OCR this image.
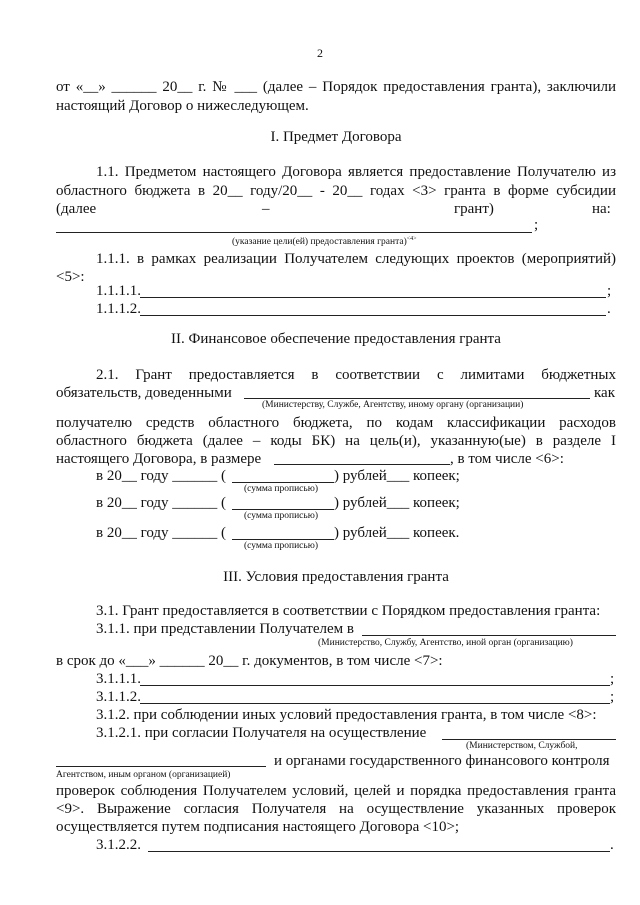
2
от «__» ______ 20__ г. № ___ (далее – Порядок предоставления гранта), заключили
настоящий Договор о нижеследующем.
I. Предмет Договора
1.1. Предметом настоящего Договора является предоставление Получателю из
областного бюджета в 20__ году/20__ - 20__ годах <3> гранта в форме субсидии
(далее	–	грант)	на:
;
(указание цели(ей) предоставления гранта)$^{<4>}$
1.1.1. в рамках реализации Получателем следующих проектов (мероприятий)
<5>:
1.1.1.1.	;
1.1.1.2.	.
II. Финансовое обеспечение предоставления гранта
2.1. Грант предоставляется в соответствии с лимитами бюджетных
обязательств, доведенными	как
(Министерству, Службе, Агентству, иному органу (организации)
получателю средств областного бюджета, по кодам классификации расходов
областного бюджета (далее – коды БК) на цель(и), указанную(ые) в разделе I
настоящего Договора, в размере	, в том числе <6>:
в 20__ году ______ (	) рублей___ копеек;
(сумма прописью)
в 20__ году ______ (	) рублей___ копеек;
(сумма прописью)
в 20__ году ______ (	) рублей___ копеек.
(сумма прописью)
III. Условия предоставления гранта
3.1. Грант предоставляется в соответствии с Порядком предоставления гранта:
3.1.1. при представлении Получателем в
(Министерство, Службу, Агентство, иной орган (организацию)
в срок до «___» ______ 20__ г. документов, в том числе <7>:
3.1.1.1.	;
3.1.1.2.	;
3.1.2. при соблюдении иных условий предоставления гранта, в том числе <8>:
3.1.2.1. при согласии Получателя на осуществление
(Министерством, Службой,
и органами государственного финансового контроля
Агентством, иным органом (организацией)
проверок соблюдения Получателем условий, целей и порядка предоставления гранта
<9>. Выражение согласия Получателя на осуществление указанных проверок
осуществляется путем подписания настоящего Договора <10>;
3.1.2.2.	.
